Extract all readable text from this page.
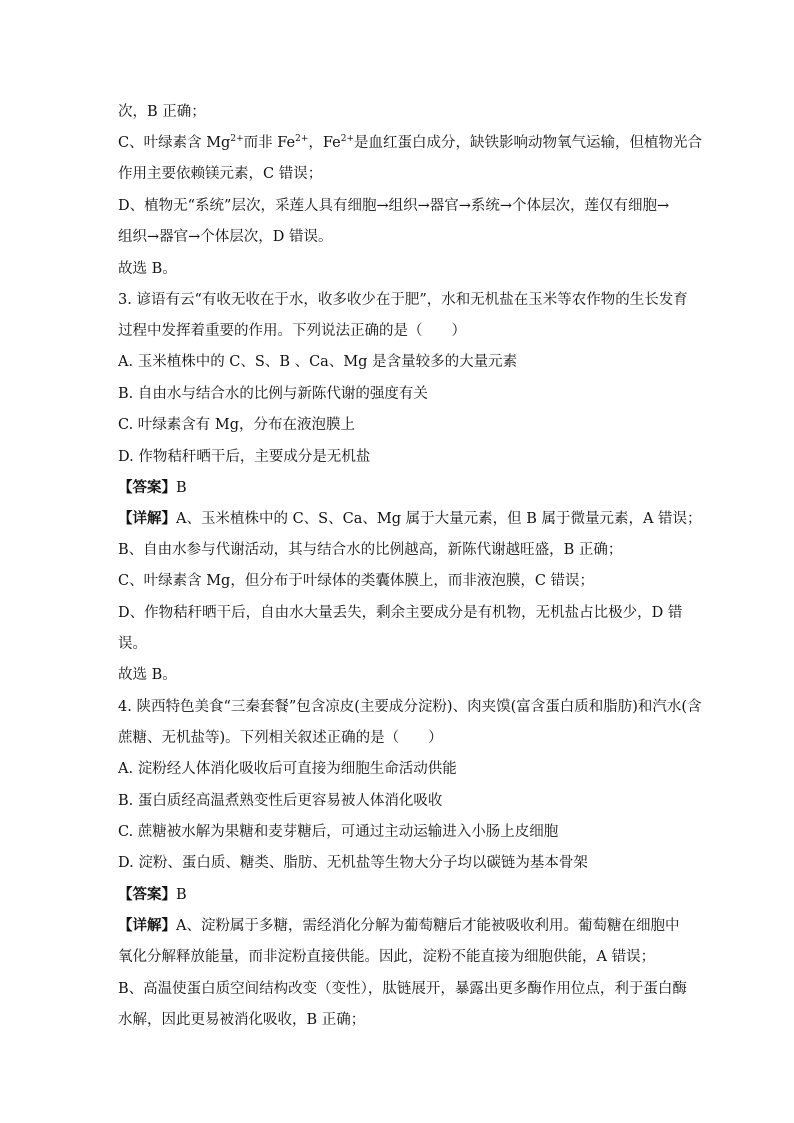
次，B 正确；
C、叶绿素含 $Mg^{2+}$而非 $Fe^{2+}$，$Fe^{2+}$是血红蛋白成分，缺铁影响动物氧气运输，但植物光合
作用主要依赖镁元素，C 错误；
D、植物无“系统”层次，采莲人具有细胞→组织→器官→系统→个体层次，莲仅有细胞→
组织→器官→个体层次，D 错误。
故选 B。
3. 谚语有云“有收无收在于水，收多收少在于肥”，水和无机盐在玉米等农作物的生长发育
过程中发挥着重要的作用。下列说法正确的是（　　）
A. 玉米植株中的 C、S、B 、Ca、Mg 是含量较多的大量元素
B. 自由水与结合水的比例与新陈代谢的强度有关
C. 叶绿素含有 Mg，分布在液泡膜上
D. 作物秸秆晒干后，主要成分是无机盐
【答案】B
【详解】A、玉米植株中的 C、S、Ca、Mg 属于大量元素，但 B 属于微量元素，A 错误；
B、自由水参与代谢活动，其与结合水的比例越高，新陈代谢越旺盛，B 正确；
C、叶绿素含 Mg，但分布于叶绿体的类囊体膜上，而非液泡膜，C 错误；
D、作物秸秆晒干后，自由水大量丢失，剩余主要成分是有机物，无机盐占比极少，D 错
误。
故选 B。
4. 陕西特色美食“三秦套餐”包含凉皮(主要成分淀粉)、肉夹馍(富含蛋白质和脂肪)和汽水(含
蔗糖、无机盐等)。下列相关叙述正确的是（　　）
A. 淀粉经人体消化吸收后可直接为细胞生命活动供能
B. 蛋白质经高温煮熟变性后更容易被人体消化吸收
C. 蔗糖被水解为果糖和麦芽糖后，可通过主动运输进入小肠上皮细胞
D. 淀粉、蛋白质、糖类、脂肪、无机盐等生物大分子均以碳链为基本骨架
【答案】B
【详解】A、淀粉属于多糖，需经消化分解为葡萄糖后才能被吸收利用。葡萄糖在细胞中
氧化分解释放能量，而非淀粉直接供能。因此，淀粉不能直接为细胞供能，A 错误；
B、高温使蛋白质空间结构改变（变性），肽链展开，暴露出更多酶作用位点，利于蛋白酶
水解，因此更易被消化吸收，B 正确；
